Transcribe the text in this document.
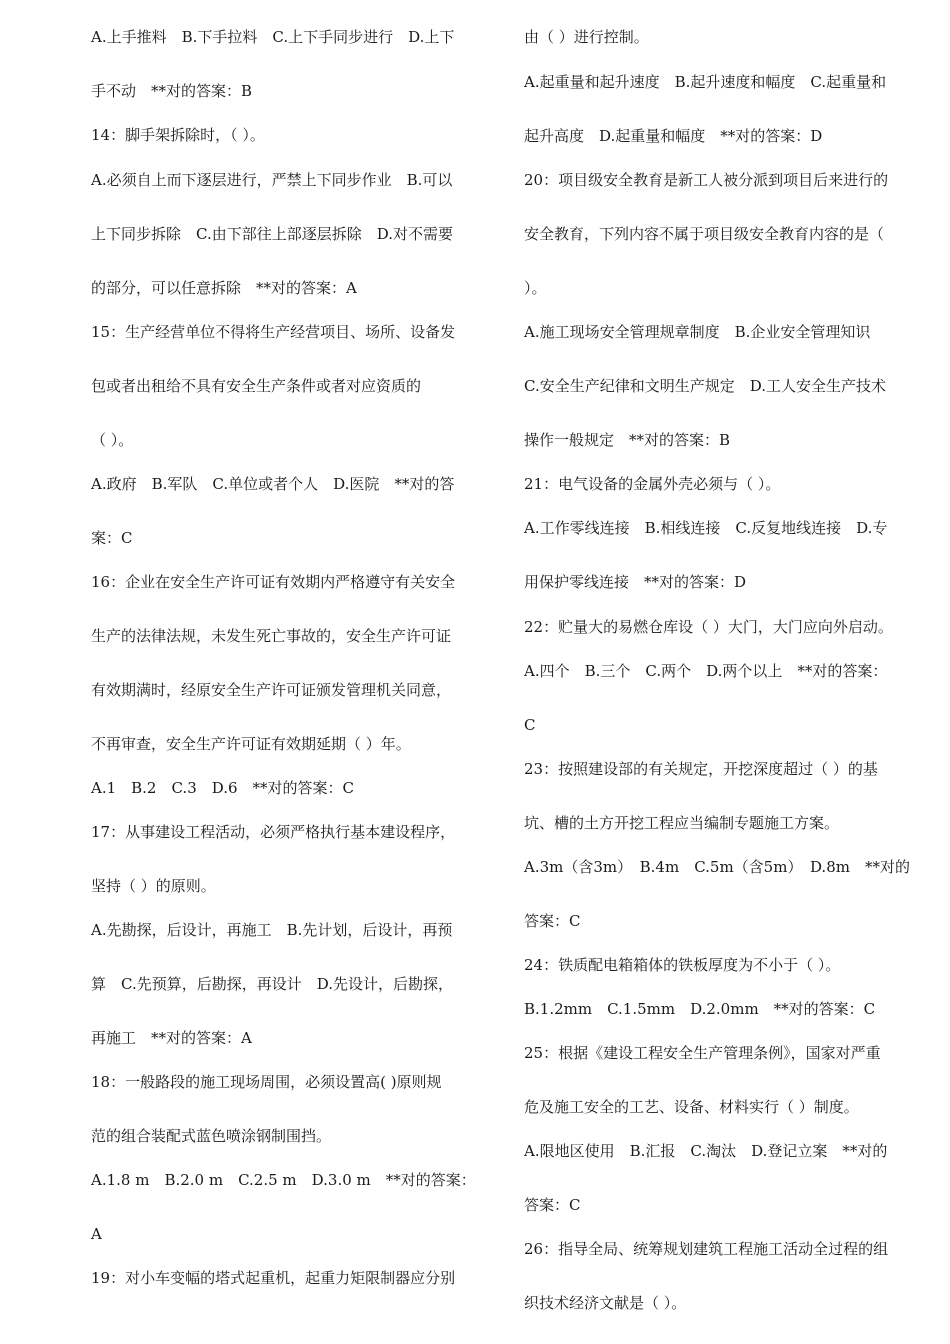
A.上手推料　B.下手拉料　C.上下手同步进行　D.上下
手不动　**对的答案：B
14：脚手架拆除时，（ ）。
A.必须自上而下逐层进行，严禁上下同步作业　B.可以
上下同步拆除　C.由下部往上部逐层拆除　D.对不需要
的部分，可以任意拆除　**对的答案：A
15：生产经营单位不得将生产经营项目、场所、设备发
包或者出租给不具有安全生产条件或者对应资质的
（ ）。
A.政府　B.军队　C.单位或者个人　D.医院　**对的答
案：C
16：企业在安全生产许可证有效期内严格遵守有关安全
生产的法律法规，未发生死亡事故的，安全生产许可证
有效期满时，经原安全生产许可证颁发管理机关同意，
不再审查，安全生产许可证有效期延期（ ）年。
A.1　B.2　C.3　D.6　**对的答案：C
17：从事建设工程活动，必须严格执行基本建设程序，
坚持（ ）的原则。
A.先勘探，后设计，再施工　B.先计划，后设计，再预
算　C.先预算，后勘探，再设计　D.先设计，后勘探，
再施工　**对的答案：A
18：一般路段的施工现场周围，必须设置高( )原则规
范的组合装配式蓝色喷涂钢制围挡。
A.1.8 m　B.2.0 m　C.2.5 m　D.3.0 m　**对的答案：
A
19：对小车变幅的塔式起重机，起重力矩限制器应分别
由（ ）进行控制。
A.起重量和起升速度　B.起升速度和幅度　C.起重量和
起升高度　D.起重量和幅度　**对的答案：D
20：项目级安全教育是新工人被分派到项目后来进行的
安全教育，下列内容不属于项目级安全教育内容的是（
）。
A.施工现场安全管理规章制度　B.企业安全管理知识
C.安全生产纪律和文明生产规定　D.工人安全生产技术
操作一般规定　**对的答案：B
21：电气设备的金属外壳必须与（ ）。
A.工作零线连接　B.相线连接　C.反复地线连接　D.专
用保护零线连接　**对的答案：D
22：贮量大的易燃仓库设（ ）大门，大门应向外启动。
A.四个　B.三个　C.两个　D.两个以上　**对的答案：
C
23：按照建设部的有关规定，开挖深度超过（ ）的基
坑、槽的土方开挖工程应当编制专题施工方案。
A.3m（含3m）　B.4m　C.5m（含5m）　D.8m　**对的
答案：C
24：铁质配电箱箱体的铁板厚度为不小于（ ）。
B.1.2mm　C.1.5mm　D.2.0mm　**对的答案：C
25：根据《建设工程安全生产管理条例》，国家对严重
危及施工安全的工艺、设备、材料实行（ ）制度。
A.限地区使用　B.汇报　C.淘汰　D.登记立案　**对的
答案：C
26：指导全局、统筹规划建筑工程施工活动全过程的组
织技术经济文献是（ ）。
